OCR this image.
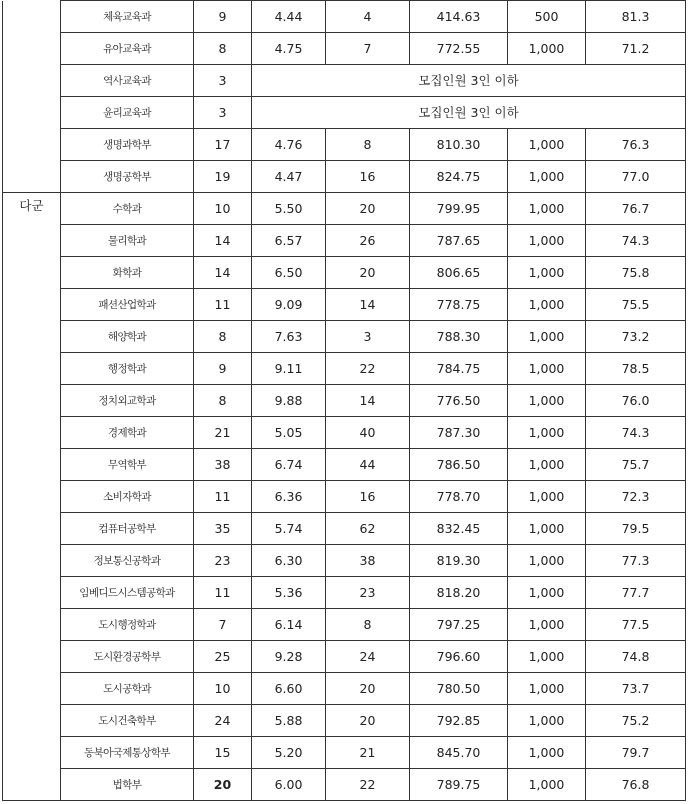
	체육교육과	9	4.44	4	414.63	500	81.3
	유아교육과	8	4.75	7	772.55	1,000	71.2
	역사교육과	3	모집인원 3인 이하				
	윤리교육과	3	모집인원 3인 이하				
	생명과학부	17	4.76	8	810.30	1,000	76.3
	생명공학부	19	4.47	16	824.75	1,000	77.0
다군	수학과	10	5.50	20	799.95	1,000	76.7
	물리학과	14	6.57	26	787.65	1,000	74.3
	화학과	14	6.50	20	806.65	1,000	75.8
	패션산업학과	11	9.09	14	778.75	1,000	75.5
	해양학과	8	7.63	3	788.30	1,000	73.2
	행정학과	9	9.11	22	784.75	1,000	78.5
	정치외교학과	8	9.88	14	776.50	1,000	76.0
	경제학과	21	5.05	40	787.30	1,000	74.3
	무역학부	38	6.74	44	786.50	1,000	75.7
	소비자학과	11	6.36	16	778.70	1,000	72.3
	컴퓨터공학부	35	5.74	62	832.45	1,000	79.5
	정보통신공학과	23	6.30	38	819.30	1,000	77.3
	임베디드시스템공학과	11	5.36	23	818.20	1,000	77.7
	도시행정학과	7	6.14	8	797.25	1,000	77.5
	도시환경공학부	25	9.28	24	796.60	1,000	74.8
	도시공학과	10	6.60	20	780.50	1,000	73.7
	도시건축학부	24	5.88	20	792.85	1,000	75.2
	동북아국제통상학부	15	5.20	21	845.70	1,000	79.7
	법학부	20	6.00	22	789.75	1,000	76.8
